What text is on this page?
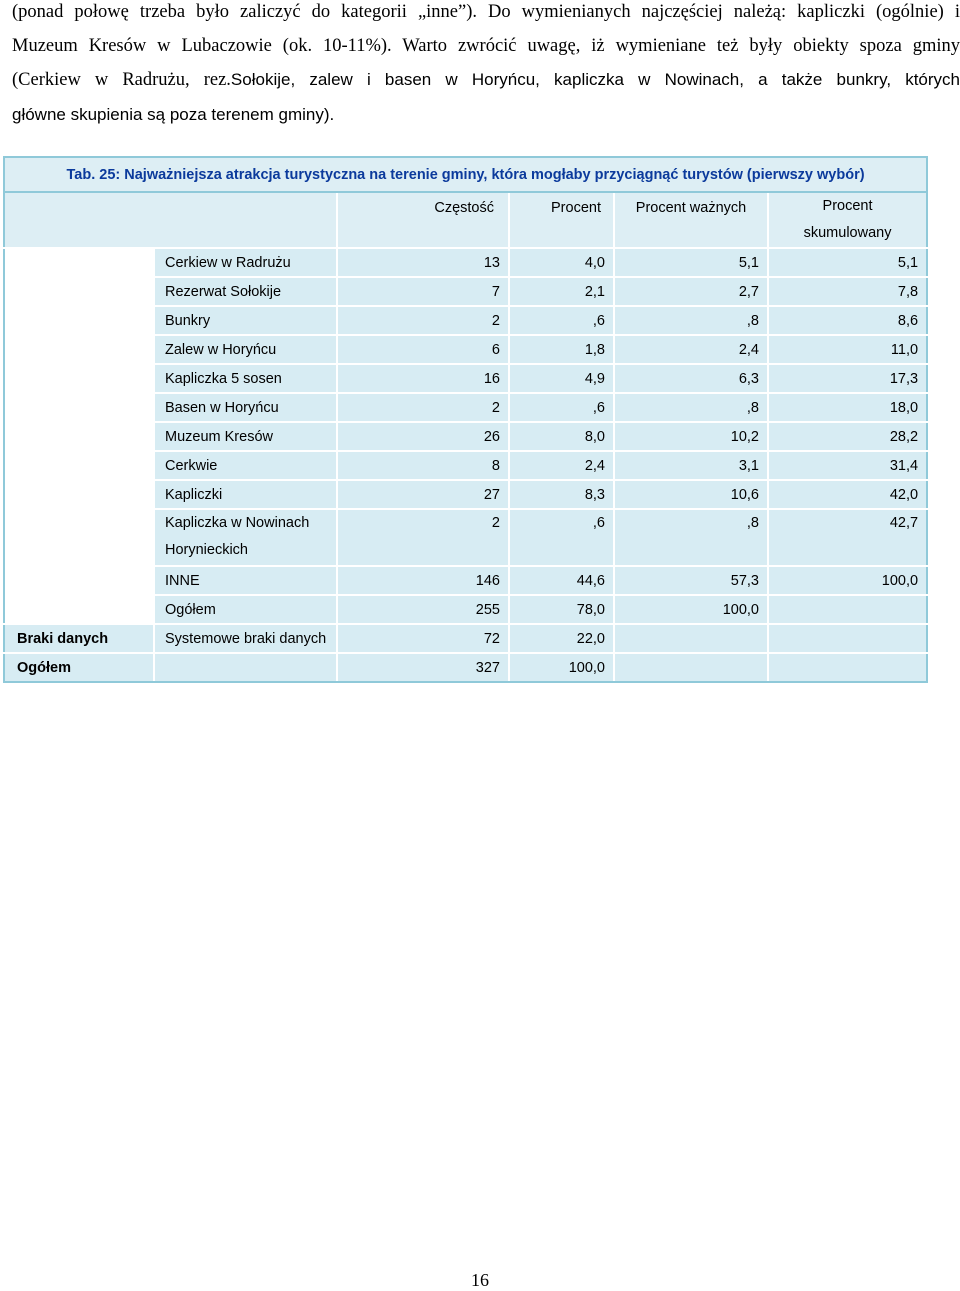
(ponad połowę trzeba było zaliczyć do kategorii „inne”). Do wymienianych najczęściej należą: kapliczki (ogólnie) i
Muzeum Kresów w Lubaczowie (ok. 10-11%). Warto zwrócić uwagę, iż wymieniane też były obiekty spoza gminy
(Cerkiew w Radrużu, rez.Sołokije, zalew i basen w Horyńcu, kapliczka w Nowinach, a także bunkry, których
główne skupienia są poza terenem gminy).
Tab. 25: Najważniejsza atrakcja turystyczna na terenie gminy, która mogłaby przyciągnąć turystów (pierwszy wybór)					
		Częstość	Procent	Procent ważnych	Procent
skumulowany

	Cerkiew w Radrużu	13	4,0	5,1	5,1
	Rezerwat Sołokije	7	2,1	2,7	7,8
	Bunkry	2	,6	,8	8,6
	Zalew w Horyńcu	6	1,8	2,4	11,0
	Kapliczka 5 sosen	16	4,9	6,3	17,3
	Basen w Horyńcu	2	,6	,8	18,0
	Muzeum Kresów	26	8,0	10,2	28,2
	Cerkwie	8	2,4	3,1	31,4
	Kapliczki	27	8,3	10,6	42,0

	Kapliczka w Nowinach
Horynieckich	2	,6	,8	42,7
	INNE	146	44,6	57,3	100,0
	Ogółem	255	78,0	100,0	
Braki danych	Systemowe braki danych	72	22,0		
Ogółem		327	100,0		
16
